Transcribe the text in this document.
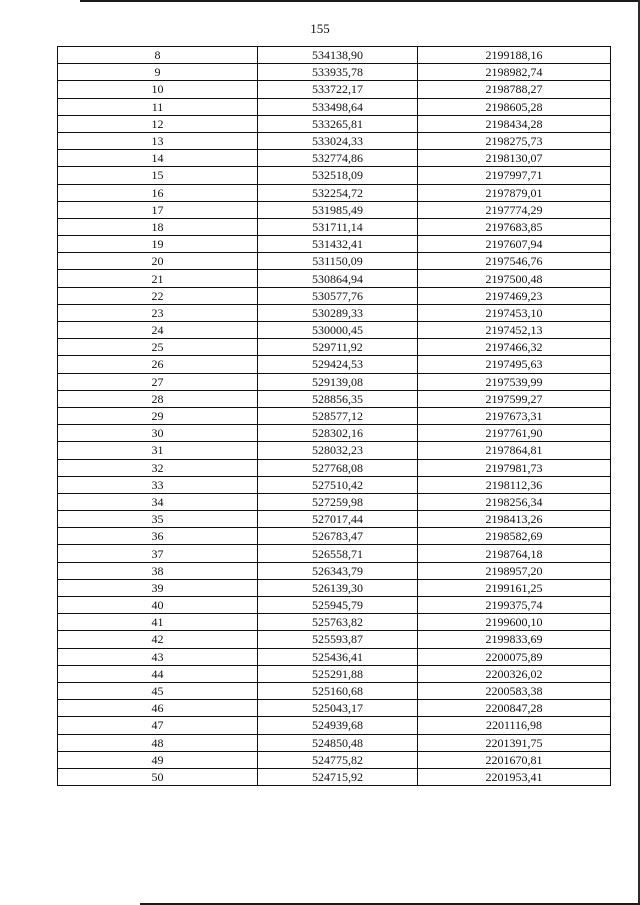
155
8	534138,90	2199188,16
9	533935,78	2198982,74
10	533722,17	2198788,27
11	533498,64	2198605,28
12	533265,81	2198434,28
13	533024,33	2198275,73
14	532774,86	2198130,07
15	532518,09	2197997,71
16	532254,72	2197879,01
17	531985,49	2197774,29
18	531711,14	2197683,85
19	531432,41	2197607,94
20	531150,09	2197546,76
21	530864,94	2197500,48
22	530577,76	2197469,23
23	530289,33	2197453,10
24	530000,45	2197452,13
25	529711,92	2197466,32
26	529424,53	2197495,63
27	529139,08	2197539,99
28	528856,35	2197599,27
29	528577,12	2197673,31
30	528302,16	2197761,90
31	528032,23	2197864,81
32	527768,08	2197981,73
33	527510,42	2198112,36
34	527259,98	2198256,34
35	527017,44	2198413,26
36	526783,47	2198582,69
37	526558,71	2198764,18
38	526343,79	2198957,20
39	526139,30	2199161,25
40	525945,79	2199375,74
41	525763,82	2199600,10
42	525593,87	2199833,69
43	525436,41	2200075,89
44	525291,88	2200326,02
45	525160,68	2200583,38
46	525043,17	2200847,28
47	524939,68	2201116,98
48	524850,48	2201391,75
49	524775,82	2201670,81
50	524715,92	2201953,41
